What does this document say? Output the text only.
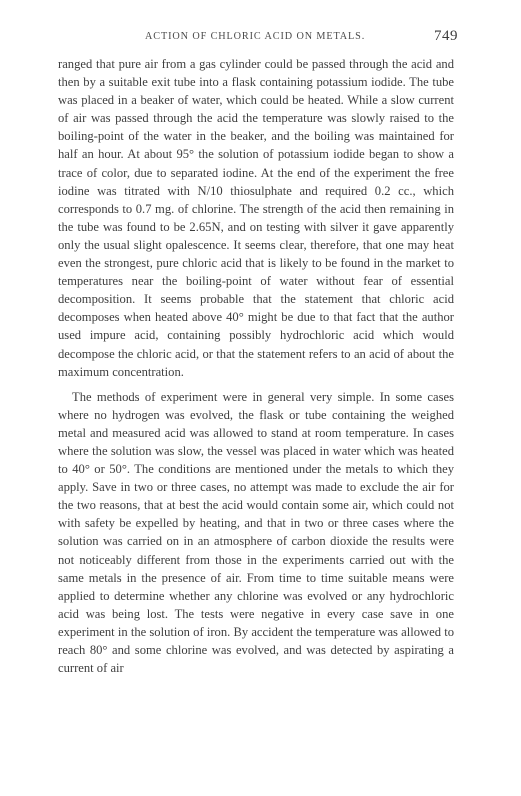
ACTION OF CHLORIC ACID ON METALS.	749

ranged that pure air from a gas cylinder could be passed through the acid and then by a suitable exit tube into a flask containing potassium iodide. The tube was placed in a beaker of water, which could be heated. While a slow current of air was passed through the acid the temperature was slowly raised to the boiling-point of the water in the beaker, and the boiling was maintained for half an hour. At about 95° the solution of potassium iodide began to show a trace of color, due to separated iodine. At the end of the experiment the free iodine was titrated with N/10 thiosulphate and required 0.2 cc., which corresponds to 0.7 mg. of chlorine. The strength of the acid then remaining in the tube was found to be 2.65N, and on testing with silver it gave apparently only the usual slight opalescence. It seems clear, therefore, that one may heat even the strongest, pure chloric acid that is likely to be found in the market to temperatures near the boiling-point of water without fear of essential decomposition. It seems probable that the statement that chloric acid decomposes when heated above 40° might be due to that fact that the author used impure acid, containing possibly hydrochloric acid which would decompose the chloric acid, or that the statement refers to an acid of about the maximum concentration.

The methods of experiment were in general very simple. In some cases where no hydrogen was evolved, the flask or tube containing the weighed metal and measured acid was allowed to stand at room temperature. In cases where the solution was slow, the vessel was placed in water which was heated to 40° or 50°. The conditions are mentioned under the metals to which they apply. Save in two or three cases, no attempt was made to exclude the air for the two reasons, that at best the acid would contain some air, which could not with safety be expelled by heating, and that in two or three cases where the solution was carried on in an atmosphere of carbon dioxide the results were not noticeably different from those in the experiments carried out with the same metals in the presence of air. From time to time suitable means were applied to determine whether any chlorine was evolved or any hydrochloric acid was being lost. The tests were negative in every case save in one experiment in the solution of iron. By accident the temperature was allowed to reach 80° and some chlorine was evolved, and was detected by aspirating a current of air
